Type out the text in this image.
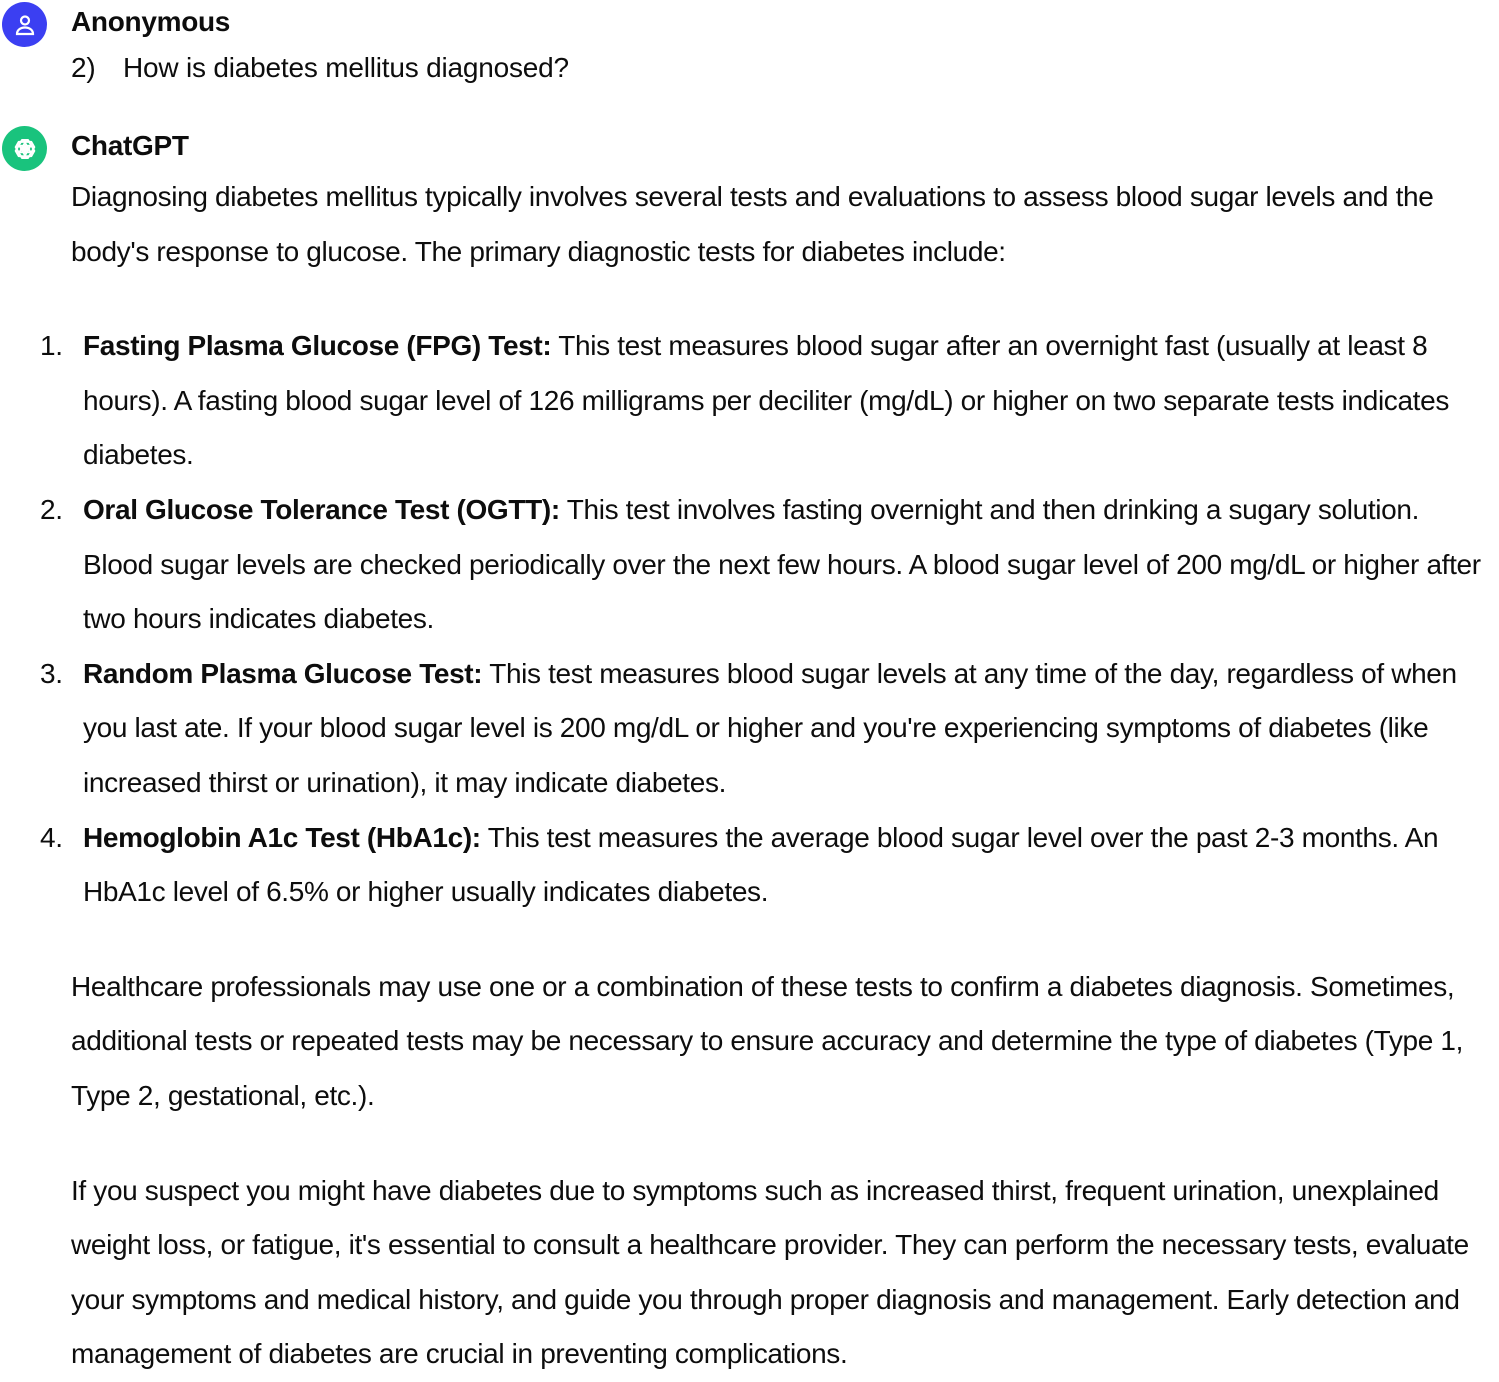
Anonymous
2) How is diabetes mellitus diagnosed?
ChatGPT

Diagnosing diabetes mellitus typically involves several tests and evaluations to assess blood sugar levels and the body's response to glucose. The primary diagnostic tests for diabetes include:

1. Fasting Plasma Glucose (FPG) Test: This test measures blood sugar after an overnight fast (usually at least 8 hours). A fasting blood sugar level of 126 milligrams per deciliter (mg/dL) or higher on two separate tests indicates diabetes.
2. Oral Glucose Tolerance Test (OGTT): This test involves fasting overnight and then drinking a sugary solution. Blood sugar levels are checked periodically over the next few hours. A blood sugar level of 200 mg/dL or higher after two hours indicates diabetes.
3. Random Plasma Glucose Test: This test measures blood sugar levels at any time of the day, regardless of when you last ate. If your blood sugar level is 200 mg/dL or higher and you're experiencing symptoms of diabetes (like increased thirst or urination), it may indicate diabetes.
4. Hemoglobin A1c Test (HbA1c): This test measures the average blood sugar level over the past 2-3 months. An HbA1c level of 6.5% or higher usually indicates diabetes.

Healthcare professionals may use one or a combination of these tests to confirm a diabetes diagnosis. Sometimes, additional tests or repeated tests may be necessary to ensure accuracy and determine the type of diabetes (Type 1, Type 2, gestational, etc.).

If you suspect you might have diabetes due to symptoms such as increased thirst, frequent urination, unexplained weight loss, or fatigue, it's essential to consult a healthcare provider. They can perform the necessary tests, evaluate your symptoms and medical history, and guide you through proper diagnosis and management. Early detection and management of diabetes are crucial in preventing complications.
